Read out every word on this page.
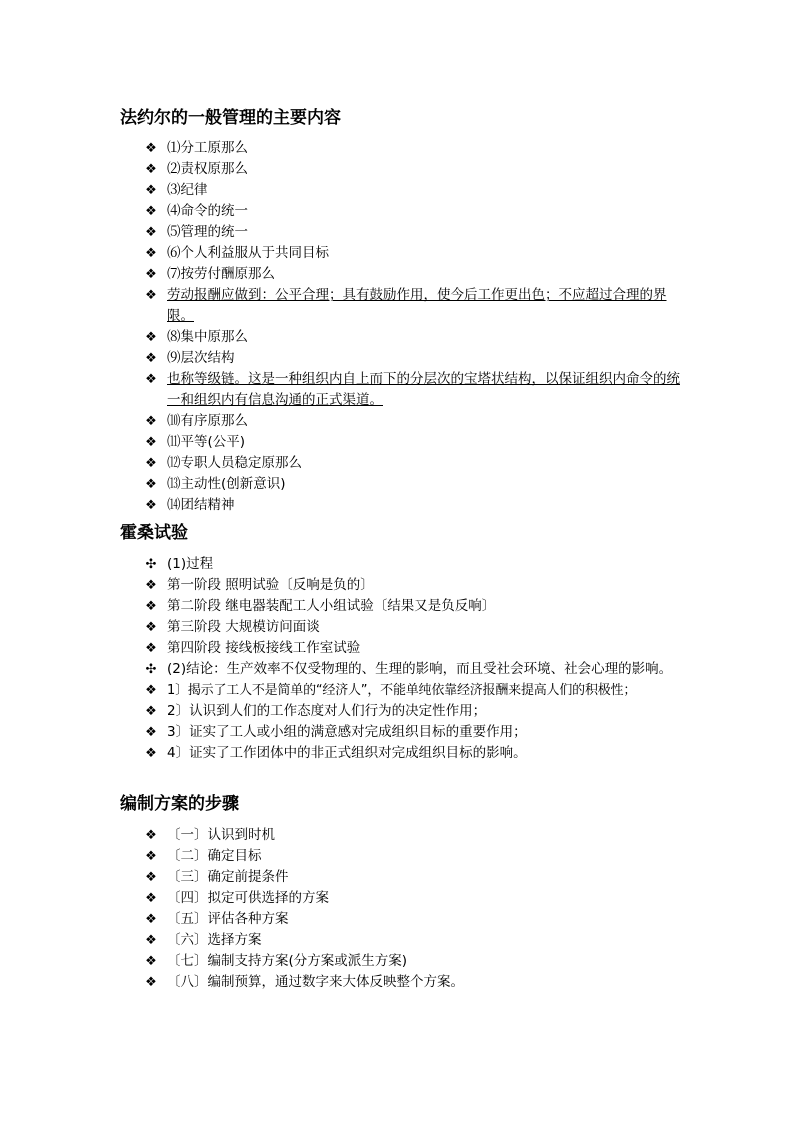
法约尔的一般管理的主要内容
❖ ⑴分工原那么
❖ ⑵责权原那么
❖ ⑶纪律
❖ ⑷命令的统一
❖ ⑸管理的统一
❖ ⑹个人利益服从于共同目标
❖ ⑺按劳付酬原那么
❖ 劳动报酬应做到：公平合理；具有鼓励作用，使今后工作更出色；不应超过合理的界限。
❖ ⑻集中原那么
❖ ⑼层次结构
❖ 也称等级链。这是一种组织内自上而下的分层次的宝塔状结构，以保证组织内命令的统一和组织内有信息沟通的正式渠道。
❖ ⑽有序原那么
❖ ⑾平等(公平)
❖ ⑿专职人员稳定原那么
❖ ⒀主动性(创新意识)
❖ ⒁团结精神
霍桑试验
✣ (1)过程
❖ 第一阶段 照明试验〔反响是负的〕
❖ 第二阶段 继电器装配工人小组试验〔结果又是负反响〕
❖ 第三阶段 大规模访问面谈
❖ 第四阶段 接线板接线工作室试验
✣ (2)结论：生产效率不仅受物理的、生理的影响，而且受社会环境、社会心理的影响。
❖ 1〕揭示了工人不是简单的“经济人”，不能单纯依靠经济报酬来提高人们的积极性；
❖ 2〕认识到人们的工作态度对人们行为的决定性作用；
❖ 3〕证实了工人或小组的满意感对完成组织目标的重要作用；
❖ 4〕证实了工作团体中的非正式组织对完成组织目标的影响。
编制方案的步骤
❖ 〔一〕认识到时机
❖ 〔二〕确定目标
❖ 〔三〕确定前提条件
❖ 〔四〕拟定可供选择的方案
❖ 〔五〕评估各种方案
❖ 〔六〕选择方案
❖ 〔七〕编制支持方案(分方案或派生方案)
❖ 〔八〕编制预算，通过数字来大体反映整个方案。
